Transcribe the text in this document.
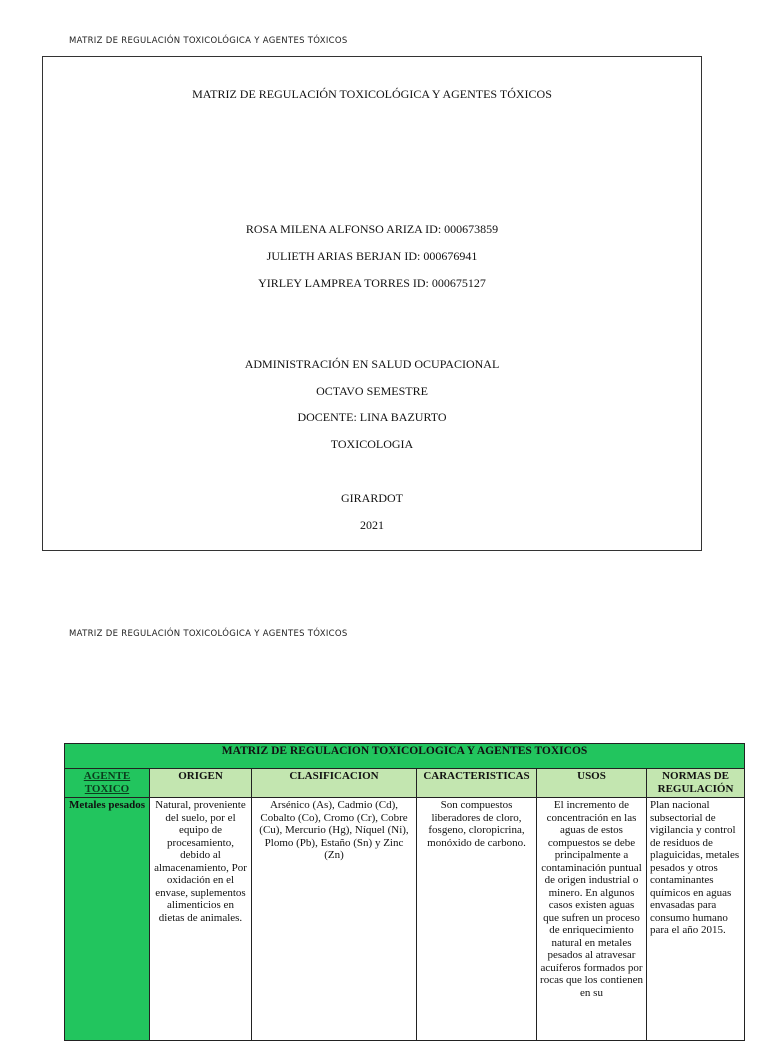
MATRIZ DE REGULACIÓN TOXICOLÓGICA Y AGENTES TÓXICOS
MATRIZ DE REGULACIÓN TOXICOLÓGICA Y AGENTES TÓXICOS
ROSA MILENA ALFONSO ARIZA ID: 000673859
JULIETH ARIAS BERJAN ID: 000676941
YIRLEY LAMPREA TORRES ID: 000675127
ADMINISTRACIÓN EN SALUD OCUPACIONAL
OCTAVO SEMESTRE
DOCENTE: LINA BAZURTO
TOXICOLOGIA
GIRARDOT
2021
MATRIZ DE REGULACIÓN TOXICOLÓGICA Y AGENTES TÓXICOS
MATRIZ DE REGULACION TOXICOLOGICA Y AGENTES TOXICOS					
AGENTE TOXICO	ORIGEN	CLASIFICACION	CARACTERISTICAS	USOS	NORMAS DE REGULACIÓN
Metales pesados	Natural, proveniente del suelo, por el equipo de procesamiento, debido al almacenamiento, Por oxidación en el envase, suplementos alimenticios en dietas de animales.	Arsénico (As), Cadmio (Cd), Cobalto (Co), Cromo (Cr), Cobre (Cu), Mercurio (Hg), Níquel (Ni), Plomo (Pb), Estaño (Sn) y Zinc (Zn)	Son compuestos liberadores de cloro, fosgeno, cloropicrina, monóxido de carbono.	El incremento de concentración en las aguas de estos compuestos se debe principalmente a contaminación puntual de origen industrial o minero. En algunos casos existen aguas que sufren un proceso de enriquecimiento natural en metales pesados al atravesar acuíferos formados por rocas que los contienen en su	Plan nacional subsectorial de vigilancia y control de residuos de plaguicidas, metales pesados y otros contaminantes químicos en aguas envasadas para consumo humano para el año 2015.
